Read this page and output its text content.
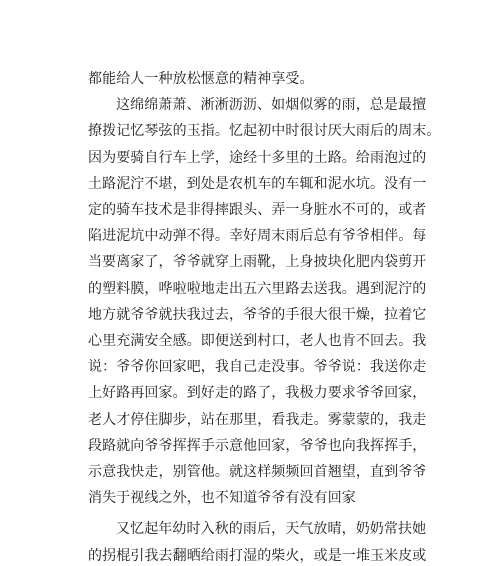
都能给人一种放松惬意的精神享受。

这绵绵萧萧、淅淅沥沥、如烟似雾的雨，总是最擅
撩拨记忆琴弦的玉指。忆起初中时很讨厌大雨后的周末。
因为要骑自行车上学，途经十多里的土路。给雨泡过的
土路泥泞不堪，到处是农机车的车辄和泥水坑。没有一
定的骑车技术是非得摔跟头、弄一身脏水不可的，或者
陷进泥坑中动弹不得。幸好周末雨后总有爷爷相伴。每
当要离家了，爷爷就穿上雨靴，上身披块化肥内袋剪开
的塑料膜，哗啦啦地走出五六里路去送我。遇到泥泞的
地方就爷爷就扶我过去，爷爷的手很大很干燥，拉着它
心里充满安全感。即便送到村口，老人也肯不回去。我
说：爷爷你回家吧，我自己走没事。爷爷说：我送你走
上好路再回家。到好走的路了，我极力要求爷爷回家，
老人才停住脚步，站在那里，看我走。雾蒙蒙的，我走
段路就向爷爷挥挥手示意他回家，爷爷也向我挥挥手，
示意我快走，别管他。就这样频频回首翘望，直到爷爷
消失于视线之外，也不知道爷爷有没有回家

又忆起年幼时入秋的雨后，天气放晴，奶奶常扶她
的拐棍引我去翻晒给雨打湿的柴火，或是一堆玉米皮或
